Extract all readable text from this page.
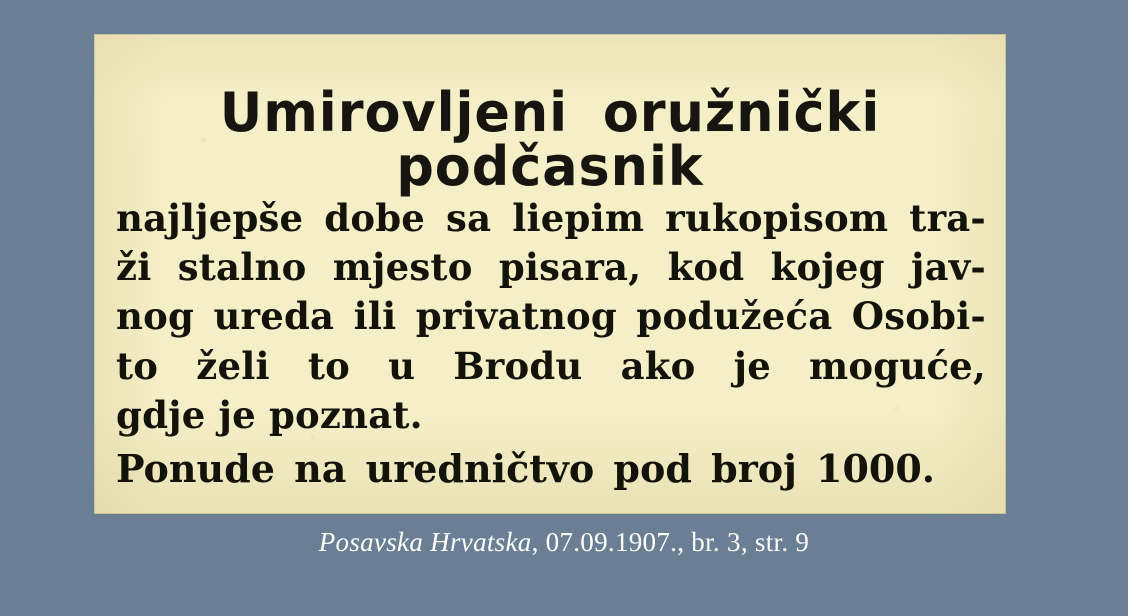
Umirovljeni oružnički podčasnik
najljepše dobe sa liepim rukopisom tra-
ži stalno mjesto pisara, kod kojeg jav-
nog ureda ili privatnog podužeća Osobi-
to želi to u Brodu ako je moguće,
gdje je poznat.
Ponude na uredničtvo pod broj 1000.
Posavska Hrvatska, 07.09.1907., br. 3, str. 9
